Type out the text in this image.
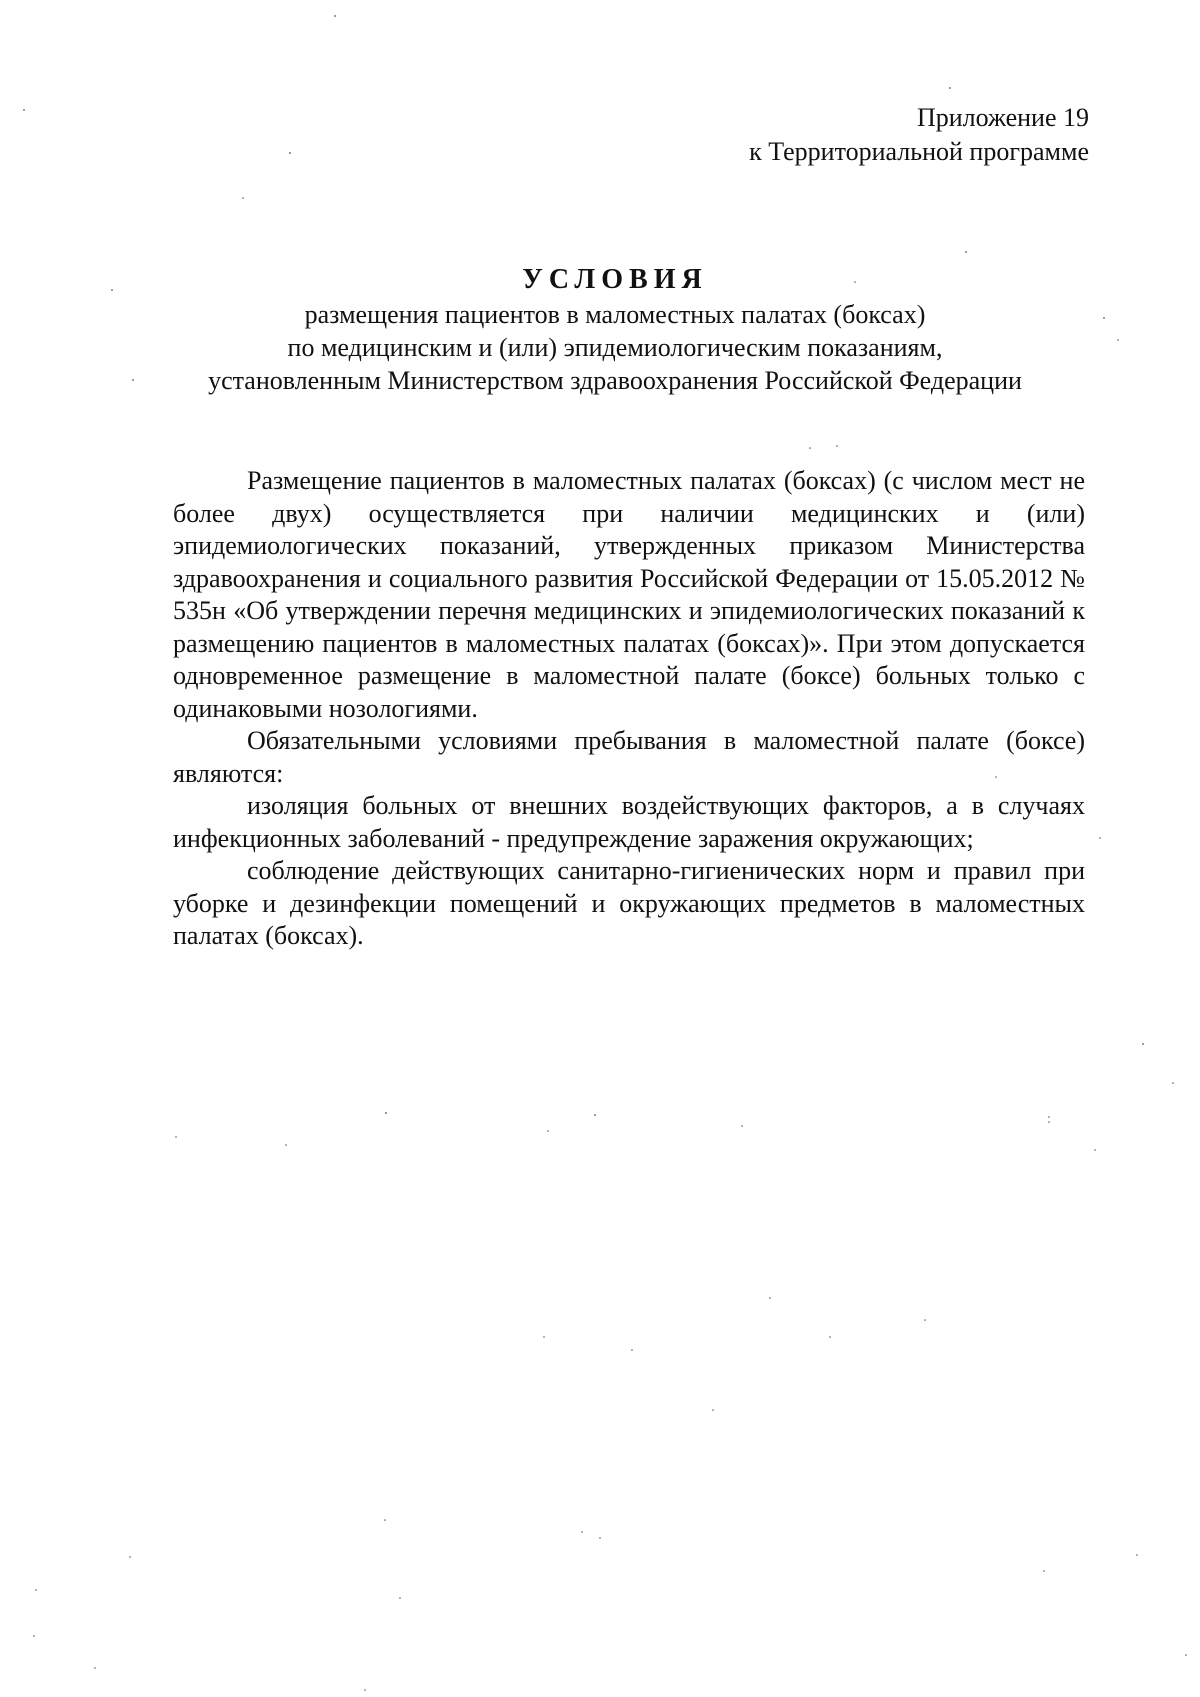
Приложение 19
к Территориальной программе
УСЛОВИЯ
размещения пациентов в маломестных палатах (боксах)
по медицинским и (или) эпидемиологическим показаниям,
установленным Министерством здравоохранения Российской Федерации

Размещение пациентов в маломестных палатах (боксах) (с числом мест не более двух) осуществляется при наличии медицинских и (или) эпидемиологических показаний, утвержденных приказом Министерства здравоохранения и социального развития Российской Федерации от 15.05.2012 № 535н «Об утверждении перечня медицинских и эпидемиологических показаний к размещению пациентов в маломестных палатах (боксах)». При этом допускается одновременное размещение в маломестной палате (боксе) больных только с одинаковыми нозологиями.

Обязательными условиями пребывания в маломестной палате (боксе) являются:

изоляция больных от внешних воздействующих факторов, а в случаях инфекционных заболеваний - предупреждение заражения окружающих;

соблюдение действующих санитарно-гигиенических норм и правил при уборке и дезинфекции помещений и окружающих предметов в маломестных палатах (боксах).
